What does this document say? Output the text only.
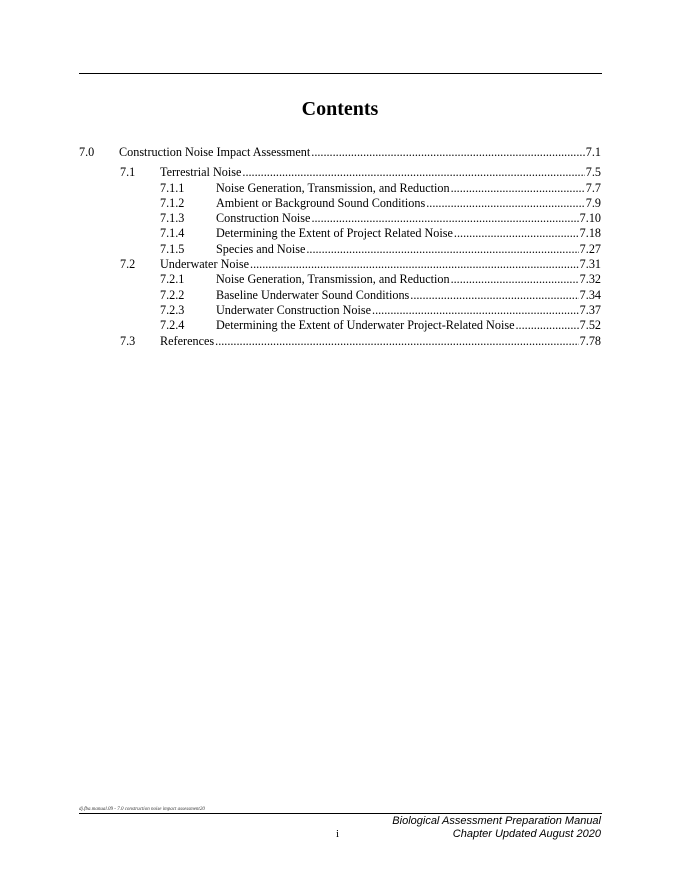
Contents
7.0 Construction Noise Impact Assessment .....	7.1
7.1 Terrestrial Noise .....	7.5
7.1.1	Noise Generation, Transmission, and Reduction .....	7.7
7.1.2	Ambient or Background Sound Conditions .....	7.9
7.1.3	Construction Noise .....	7.10
7.1.4	Determining the Extent of Project Related Noise .....	7.18
7.1.5	Species and Noise .....	7.27
7.2 Underwater Noise .....	7.31
7.2.1	Noise Generation, Transmission, and Reduction .....	7.32
7.2.2	Baseline Underwater Sound Conditions .....	7.34
7.2.3	Underwater Construction Noise .....	7.37
7.2.4	Determining the Extent of Underwater Project-Related Noise .....	7.52
7.3 References .....	7.78
dj.fba.manual.09 - 7.0 construction noise impact assessment20
Biological Assessment Preparation Manual
i	Chapter Updated August 2020
